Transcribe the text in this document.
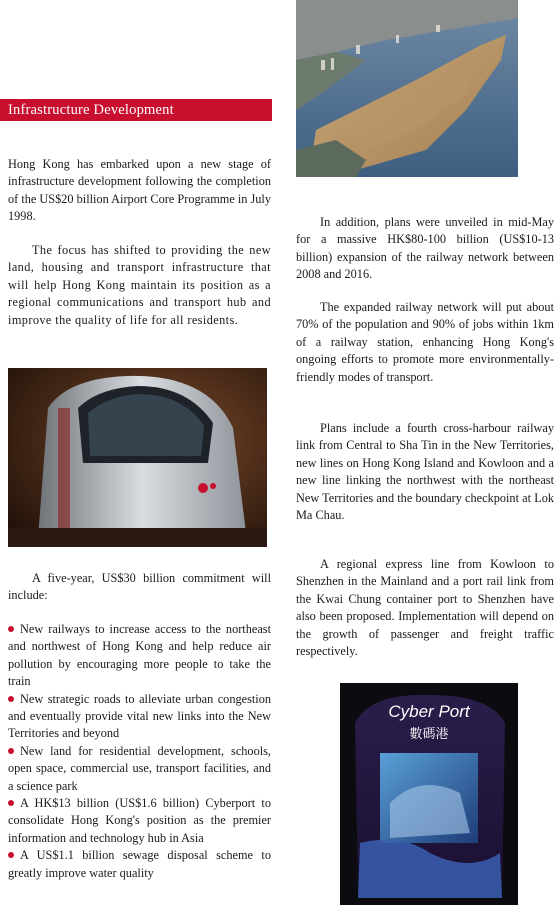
Infrastructure Development

Hong Kong has embarked upon a new stage of infrastructure development following the completion of the US$20 billion Airport Core Programme in July 1998.

The focus has shifted to providing the new land, housing and transport infrastructure that will help Hong Kong maintain its position as a regional communications and transport hub and improve the quality of life for all residents.

A five-year, US$30 billion commitment will include:

New railways to increase access to the northeast and northwest of Hong Kong and help reduce air pollution by encouraging more people to take the train

New strategic roads to alleviate urban congestion and eventually provide vital new links into the New Territories and beyond

New land for residential development, schools, open space, commercial use, transport facilities, and a science park

A HK$13 billion (US$1.6 billion) Cyberport to consolidate Hong Kong's position as the premier information and technology hub in Asia

A US$1.1 billion sewage disposal scheme to greatly improve water quality

In addition, plans were unveiled in mid-May for a massive HK$80-100 billion (US$10-13 billion) expansion of the railway network between 2008 and 2016.

The expanded railway network will put about 70% of the population and 90% of jobs within 1km of a railway station, enhancing Hong Kong's ongoing efforts to promote more environmentally-friendly modes of transport.

Plans include a fourth cross-harbour railway link from Central to Sha Tin in the New Territories, new lines on Hong Kong Island and Kowloon and a new line linking the northwest with the northeast New Territories and the boundary checkpoint at Lok Ma Chau.

A regional express line from Kowloon to Shenzhen in the Mainland and a port rail link from the Kwai Chung container port to Shenzhen have also been proposed. Implementation will depend on the growth of passenger and freight traffic respectively.

Cyber Port
數碼港
